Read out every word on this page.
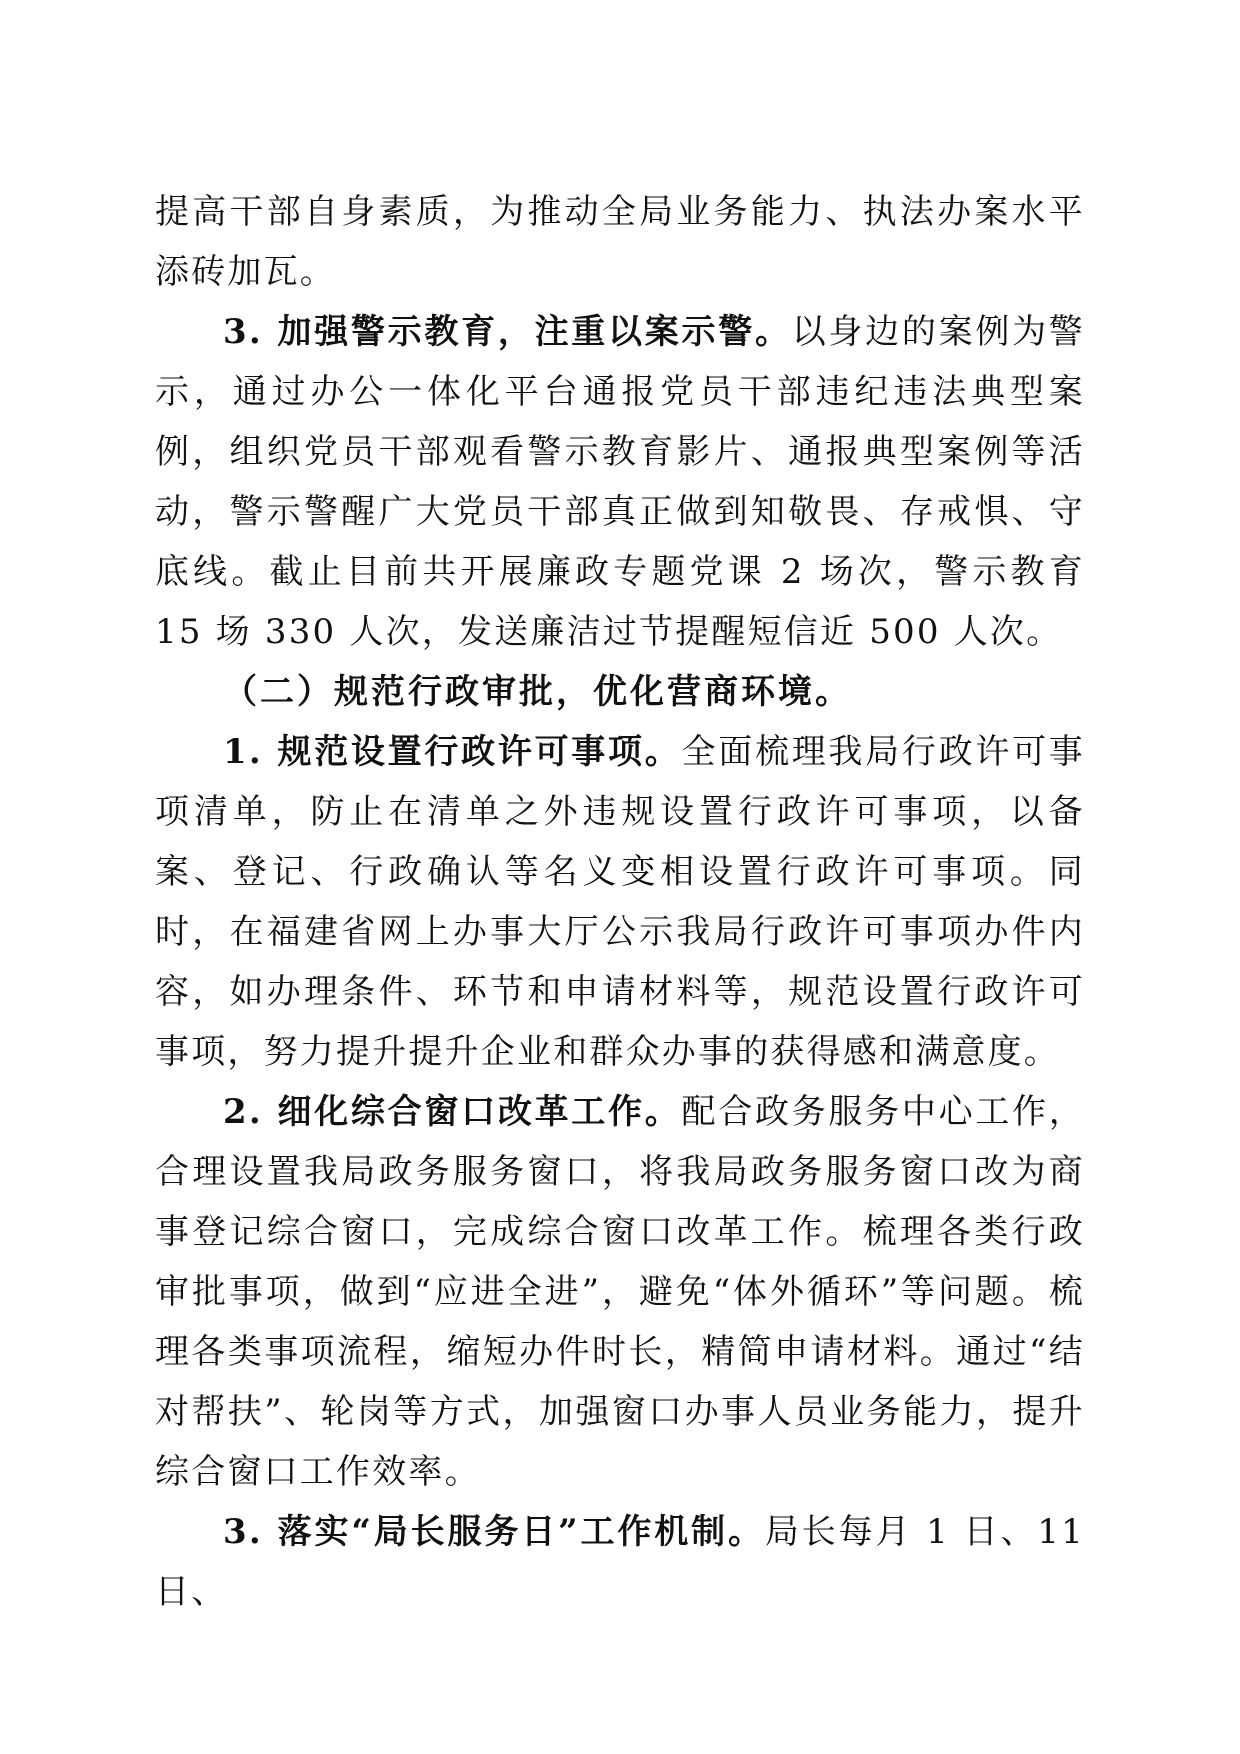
提高干部自身素质，为推动全局业务能力、执法办案水平添砖加瓦。

3. 加强警示教育，注重以案示警。以身边的案例为警示，通过办公一体化平台通报党员干部违纪违法典型案例，组织党员干部观看警示教育影片、通报典型案例等活动，警示警醒广大党员干部真正做到知敬畏、存戒惧、守底线。截止目前共开展廉政专题党课 2 场次，警示教育 15 场 330 人次，发送廉洁过节提醒短信近 500 人次。

（二）规范行政审批，优化营商环境。

1. 规范设置行政许可事项。全面梳理我局行政许可事项清单，防止在清单之外违规设置行政许可事项，以备案、登记、行政确认等名义变相设置行政许可事项。同时，在福建省网上办事大厅公示我局行政许可事项办件内容，如办理条件、环节和申请材料等，规范设置行政许可事项，努力提升提升企业和群众办事的获得感和满意度。

2. 细化综合窗口改革工作。配合政务服务中心工作，合理设置我局政务服务窗口，将我局政务服务窗口改为商事登记综合窗口，完成综合窗口改革工作。梳理各类行政审批事项，做到“应进全进”，避免“体外循环”等问题。梳理各类事项流程，缩短办件时长，精简申请材料。通过“结对帮扶”、轮岗等方式，加强窗口办事人员业务能力，提升综合窗口工作效率。

3. 落实“局长服务日”工作机制。局长每月 1 日、11 日、
